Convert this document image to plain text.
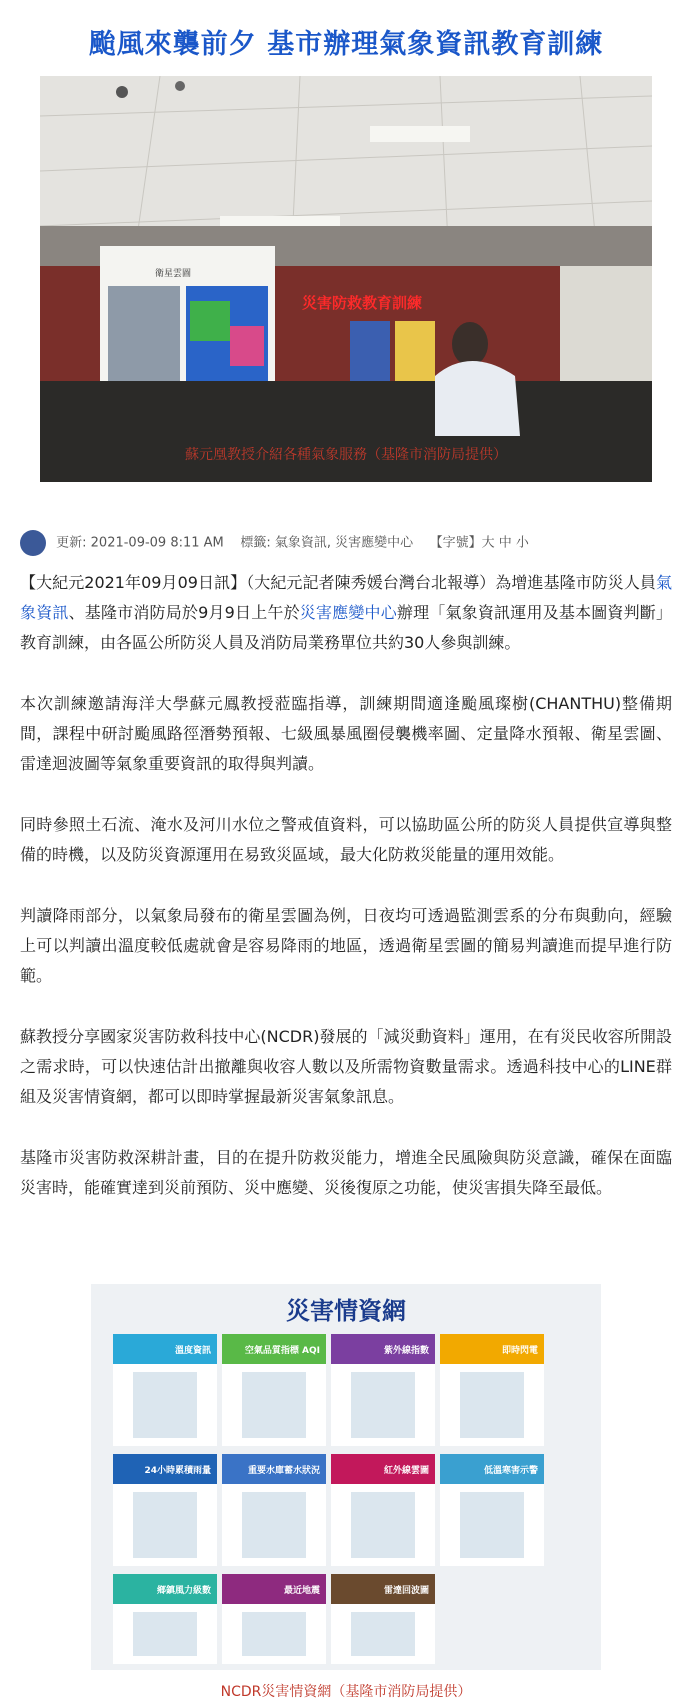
颱風來襲前夕 基市辦理氣象資訊教育訓練
衛星雲圖
災害防救教育訓練
蘇元凰教授介紹各種氣象服務（基隆市消防局提供）
更新: 2021-09-09 8:11 AM 標籤: 氣象資訊, 災害應變中心 【字號】大 中 小

【大紀元2021年09月09日訊】（大紀元記者陳秀媛台灣台北報導）為增進基隆市防災人員氣象資訊、基隆市消防局於9月9日上午於災害應變中心辦理「氣象資訊運用及基本圖資判斷」教育訓練，由各區公所防災人員及消防局業務單位共約30人參與訓練。

本次訓練邀請海洋大學蘇元鳳教授蒞臨指導，訓練期間適逢颱風璨樹(CHANTHU)整備期間，課程中研討颱風路徑潛勢預報、七級風暴風圈侵襲機率圖、定量降水預報、衛星雲圖、雷達迴波圖等氣象重要資訊的取得與判讀。

同時參照土石流、淹水及河川水位之警戒值資料，可以協助區公所的防災人員提供宣導與整備的時機，以及防災資源運用在易致災區域，最大化防救災能量的運用效能。

判讀降雨部分，以氣象局發布的衛星雲圖為例，日夜均可透過監測雲系的分布與動向，經驗上可以判讀出溫度較低處就會是容易降雨的地區，透過衛星雲圖的簡易判讀進而提早進行防範。

蘇教授分享國家災害防救科技中心(NCDR)發展的「減災動資料」運用，在有災民收容所開設之需求時，可以快速估計出撤離與收容人數以及所需物資數量需求。透過科技中心的LINE群組及災害情資網，都可以即時掌握最新災害氣象訊息。

基隆市災害防救深耕計畫，目的在提升防救災能力，增進全民風險與防災意識，確保在面臨災害時，能確實達到災前預防、災中應變、災後復原之功能，使災害損失降至最低。

災害情資網
溫度資訊	空氣品質指標 AQI	紫外線指數	即時閃電
24小時累積雨量	重要水庫蓄水狀況	紅外線雲圖	低溫寒害示警
鄉鎮風力級數	最近地震	雷達回波圖
NCDR災害情資網（基隆市消防局提供）
